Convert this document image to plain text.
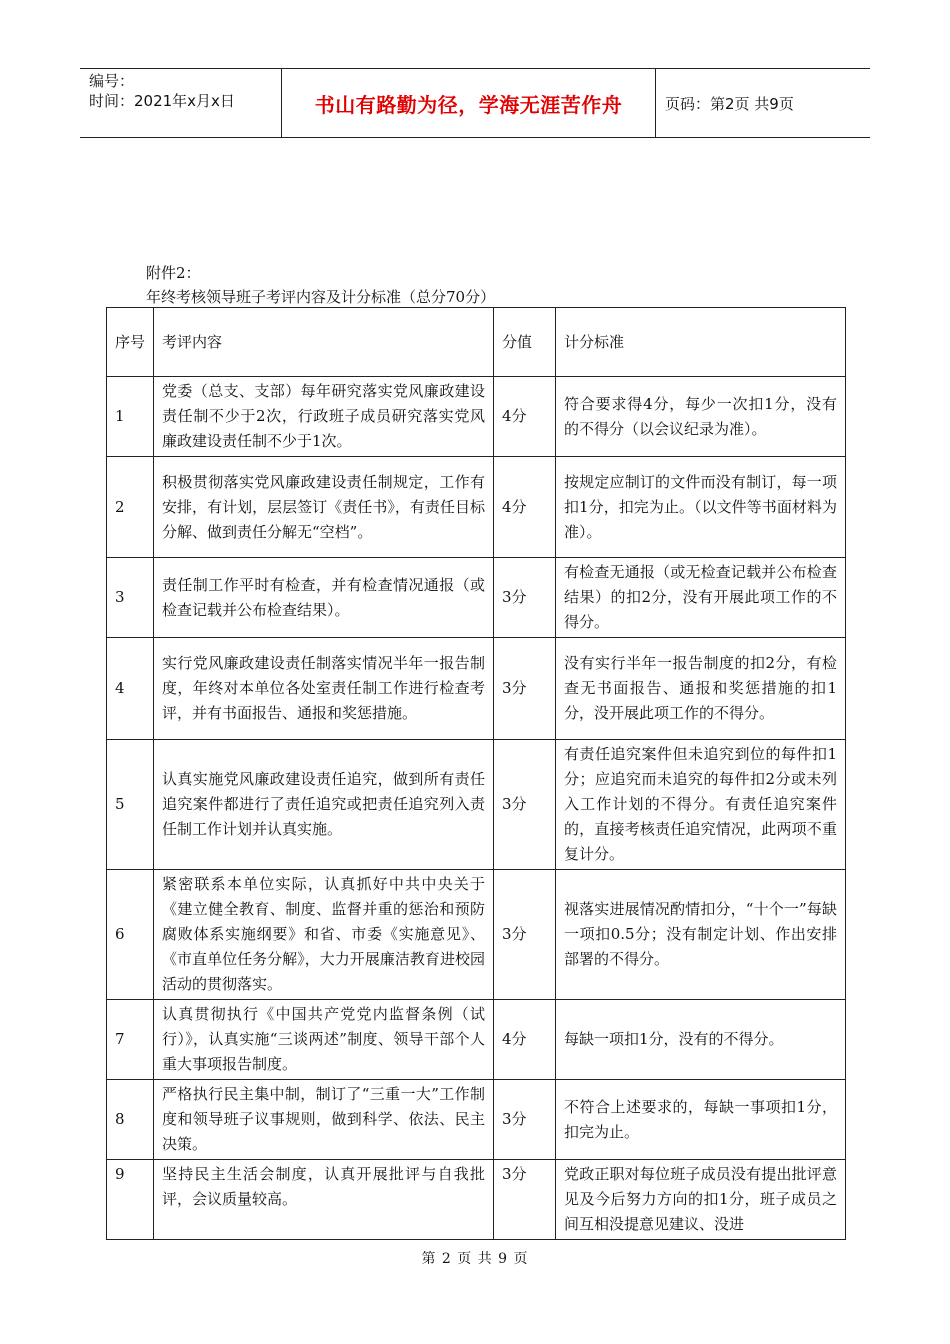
编号：
时间：2021年x月x日	书山有路勤为径，学海无涯苦作舟	页码：第2页 共9页
附件2：
年终考核领导班子考评内容及计分标准（总分70分）
序号	考评内容	分值	计分标准
1	党委（总支、支部）每年研究落实党风廉政建设责任制不少于2次，行政班子成员研究落实党风廉政建设责任制不少于1次。	4分	符合要求得4分，每少一次扣1分，没有的不得分（以会议纪录为准）。
2	积极贯彻落实党风廉政建设责任制规定，工作有安排，有计划，层层签订《责任书》，有责任目标分解、做到责任分解无“空档”。	4分	按规定应制订的文件而没有制订，每一项扣1分，扣完为止。（以文件等书面材料为准）。
3	责任制工作平时有检查，并有检查情况通报（或检查记载并公布检查结果）。	3分	有检查无通报（或无检查记载并公布检查结果）的扣2分，没有开展此项工作的不得分。
4	实行党风廉政建设责任制落实情况半年一报告制度，年终对本单位各处室责任制工作进行检查考评，并有书面报告、通报和奖惩措施。	3分	没有实行半年一报告制度的扣2分，有检查无书面报告、通报和奖惩措施的扣1分，没开展此项工作的不得分。
5	认真实施党风廉政建设责任追究，做到所有责任追究案件都进行了责任追究或把责任追究列入责任制工作计划并认真实施。	3分	有责任追究案件但未追究到位的每件扣1分；应追究而未追究的每件扣2分或未列入工作计划的不得分。有责任追究案件的，直接考核责任追究情况，此两项不重复计分。
6	紧密联系本单位实际，认真抓好中共中央关于《建立健全教育、制度、监督并重的惩治和预防腐败体系实施纲要》和省、市委《实施意见》、《市直单位任务分解》，大力开展廉洁教育进校园活动的贯彻落实。	3分	视落实进展情况酌情扣分，“十个一”每缺一项扣0.5分；没有制定计划、作出安排部署的不得分。
7	认真贯彻执行《中国共产党党内监督条例（试行）》，认真实施“三谈两述”制度、领导干部个人重大事项报告制度。	4分	每缺一项扣1分，没有的不得分。
8	严格执行民主集中制，制订了“三重一大”工作制度和领导班子议事规则，做到科学、依法、民主决策。	3分	不符合上述要求的，每缺一事项扣1分，扣完为止。
9	坚持民主生活会制度，认真开展批评与自我批评，会议质量较高。	3分	党政正职对每位班子成员没有提出批评意见及今后努力方向的扣1分，班子成员之间互相没提意见建议、没进
第 2 页 共 9 页
